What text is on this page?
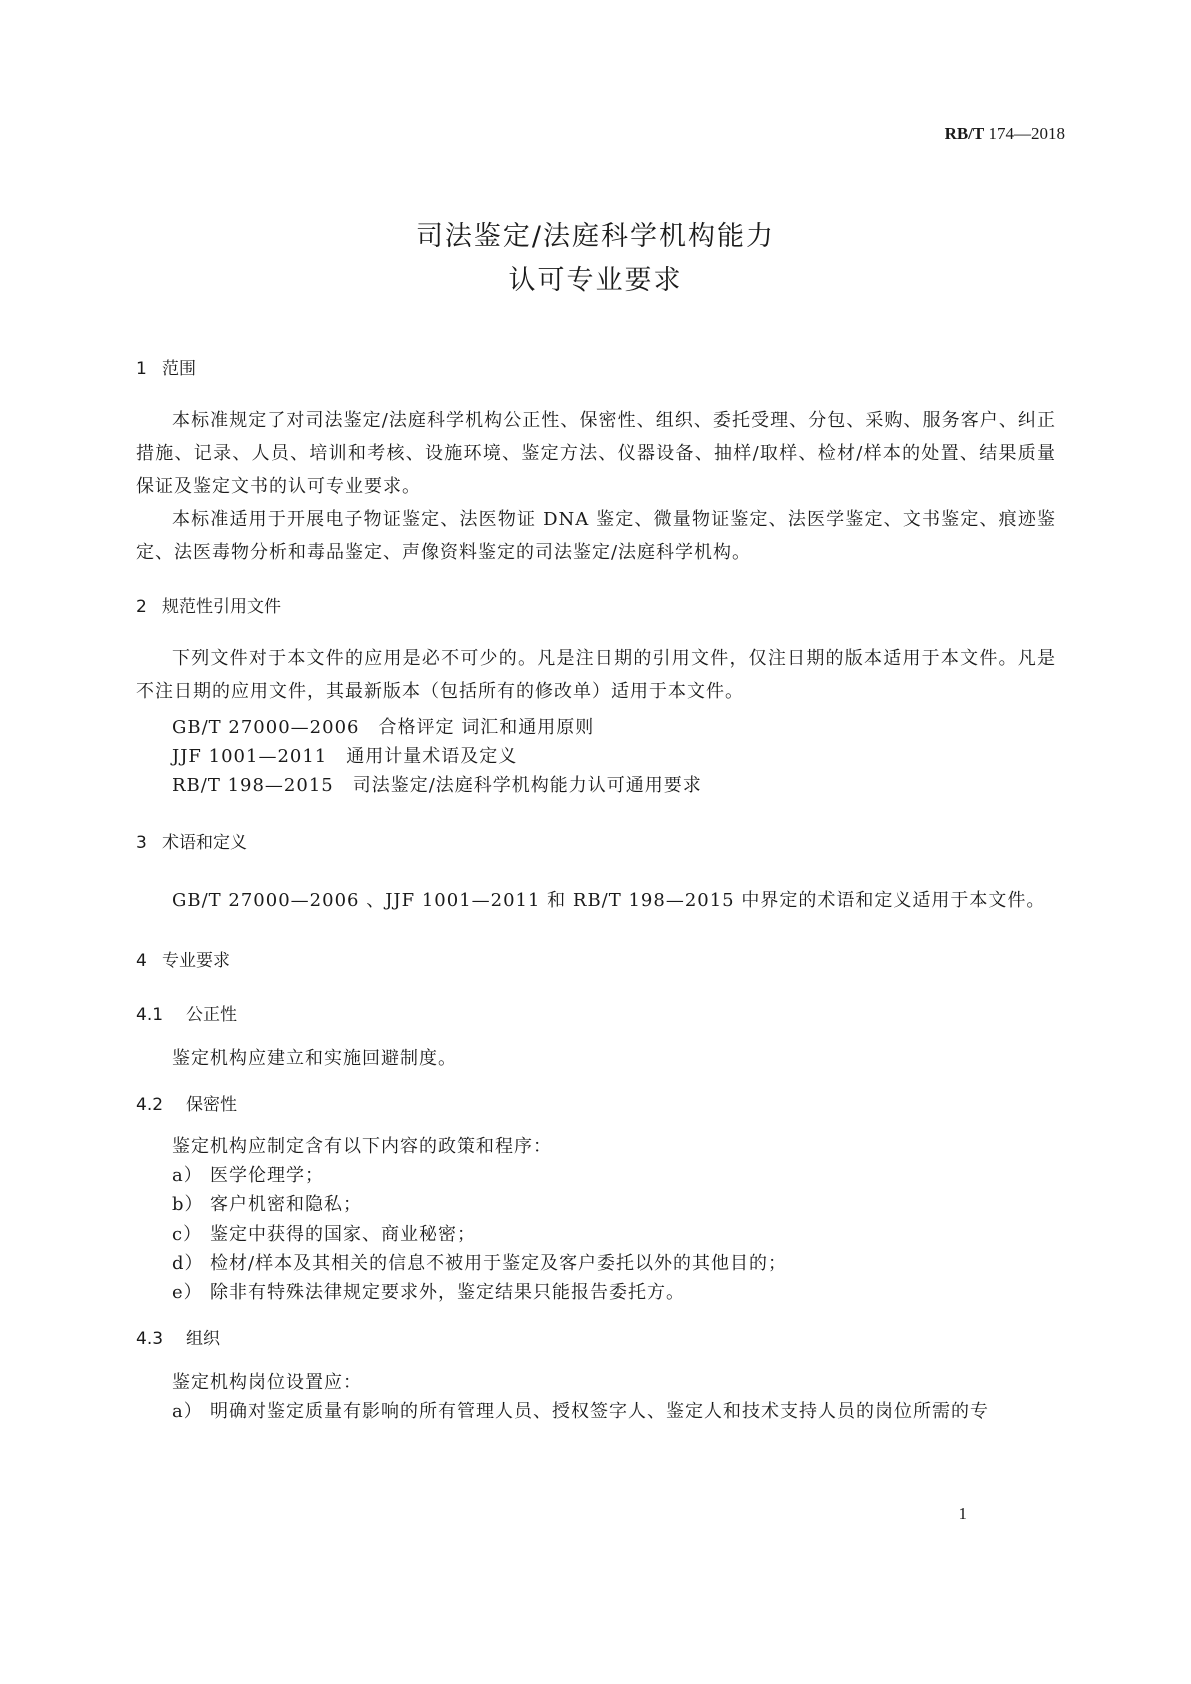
RB/T 174—2018
司法鉴定/法庭科学机构能力
认可专业要求
1 范围
本标准规定了对司法鉴定/法庭科学机构公正性、保密性、组织、委托受理、分包、采购、服务客户、纠正措施、记录、人员、培训和考核、设施环境、鉴定方法、仪器设备、抽样/取样、检材/样本的处置、结果质量保证及鉴定文书的认可专业要求。
本标准适用于开展电子物证鉴定、法医物证 DNA 鉴定、微量物证鉴定、法医学鉴定、文书鉴定、痕迹鉴定、法医毒物分析和毒品鉴定、声像资料鉴定的司法鉴定/法庭科学机构。
2 规范性引用文件
下列文件对于本文件的应用是必不可少的。凡是注日期的引用文件，仅注日期的版本适用于本文件。凡是不注日期的应用文件，其最新版本（包括所有的修改单）适用于本文件。
GB/T 27000—2006　合格评定 词汇和通用原则
JJF 1001—2011　通用计量术语及定义
RB/T 198—2015　司法鉴定/法庭科学机构能力认可通用要求
3 术语和定义
GB/T 27000—2006 、JJF 1001—2011 和 RB/T 198—2015 中界定的术语和定义适用于本文件。
4 专业要求
4.1 公正性
鉴定机构应建立和实施回避制度。
4.2 保密性
鉴定机构应制定含有以下内容的政策和程序：
a） 医学伦理学；
b） 客户机密和隐私；
c） 鉴定中获得的国家、商业秘密；
d） 检材/样本及其相关的信息不被用于鉴定及客户委托以外的其他目的；
e） 除非有特殊法律规定要求外，鉴定结果只能报告委托方。
4.3 组织
鉴定机构岗位设置应：
a） 明确对鉴定质量有影响的所有管理人员、授权签字人、鉴定人和技术支持人员的岗位所需的专
1
